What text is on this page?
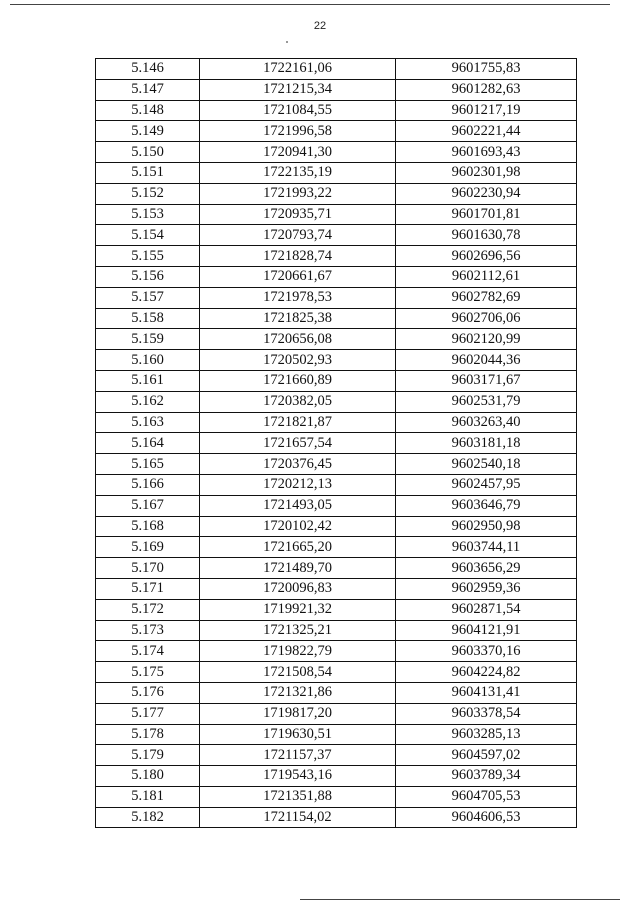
22
5.146	1722161,06	9601755,83
5.147	1721215,34	9601282,63
5.148	1721084,55	9601217,19
5.149	1721996,58	9602221,44
5.150	1720941,30	9601693,43
5.151	1722135,19	9602301,98
5.152	1721993,22	9602230,94
5.153	1720935,71	9601701,81
5.154	1720793,74	9601630,78
5.155	1721828,74	9602696,56
5.156	1720661,67	9602112,61
5.157	1721978,53	9602782,69
5.158	1721825,38	9602706,06
5.159	1720656,08	9602120,99
5.160	1720502,93	9602044,36
5.161	1721660,89	9603171,67
5.162	1720382,05	9602531,79
5.163	1721821,87	9603263,40
5.164	1721657,54	9603181,18
5.165	1720376,45	9602540,18
5.166	1720212,13	9602457,95
5.167	1721493,05	9603646,79
5.168	1720102,42	9602950,98
5.169	1721665,20	9603744,11
5.170	1721489,70	9603656,29
5.171	1720096,83	9602959,36
5.172	1719921,32	9602871,54
5.173	1721325,21	9604121,91
5.174	1719822,79	9603370,16
5.175	1721508,54	9604224,82
5.176	1721321,86	9604131,41
5.177	1719817,20	9603378,54
5.178	1719630,51	9603285,13
5.179	1721157,37	9604597,02
5.180	1719543,16	9603789,34
5.181	1721351,88	9604705,53
5.182	1721154,02	9604606,53
